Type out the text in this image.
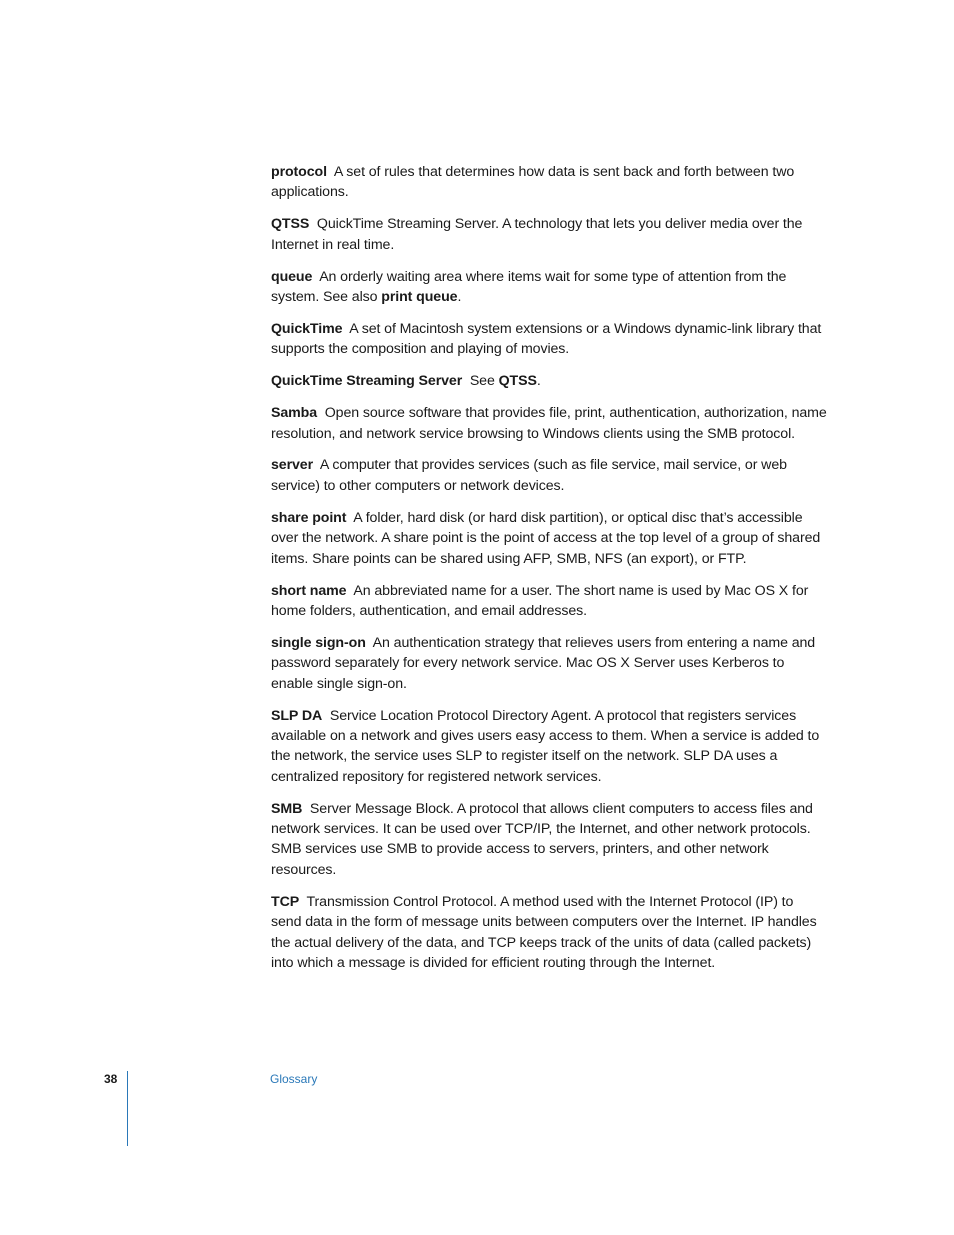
protocol A set of rules that determines how data is sent back and forth between two applications.

QTSS QuickTime Streaming Server. A technology that lets you deliver media over the Internet in real time.

queue An orderly waiting area where items wait for some type of attention from the system. See also print queue.

QuickTime A set of Macintosh system extensions or a Windows dynamic-link library that supports the composition and playing of movies.

QuickTime Streaming Server See QTSS.

Samba Open source software that provides file, print, authentication, authorization, name resolution, and network service browsing to Windows clients using the SMB protocol.

server A computer that provides services (such as file service, mail service, or web service) to other computers or network devices.

share point A folder, hard disk (or hard disk partition), or optical disc that’s accessible over the network. A share point is the point of access at the top level of a group of shared items. Share points can be shared using AFP, SMB, NFS (an export), or FTP.

short name An abbreviated name for a user. The short name is used by Mac OS X for home folders, authentication, and email addresses.

single sign-on An authentication strategy that relieves users from entering a name and password separately for every network service. Mac OS X Server uses Kerberos to enable single sign-on.

SLP DA Service Location Protocol Directory Agent. A protocol that registers services available on a network and gives users easy access to them. When a service is added to the network, the service uses SLP to register itself on the network. SLP DA uses a centralized repository for registered network services.

SMB Server Message Block. A protocol that allows client computers to access files and network services. It can be used over TCP/IP, the Internet, and other network protocols. SMB services use SMB to provide access to servers, printers, and other network resources.

TCP Transmission Control Protocol. A method used with the Internet Protocol (IP) to send data in the form of message units between computers over the Internet. IP handles the actual delivery of the data, and TCP keeps track of the units of data (called packets) into which a message is divided for efficient routing through the Internet.

38	Glossary
